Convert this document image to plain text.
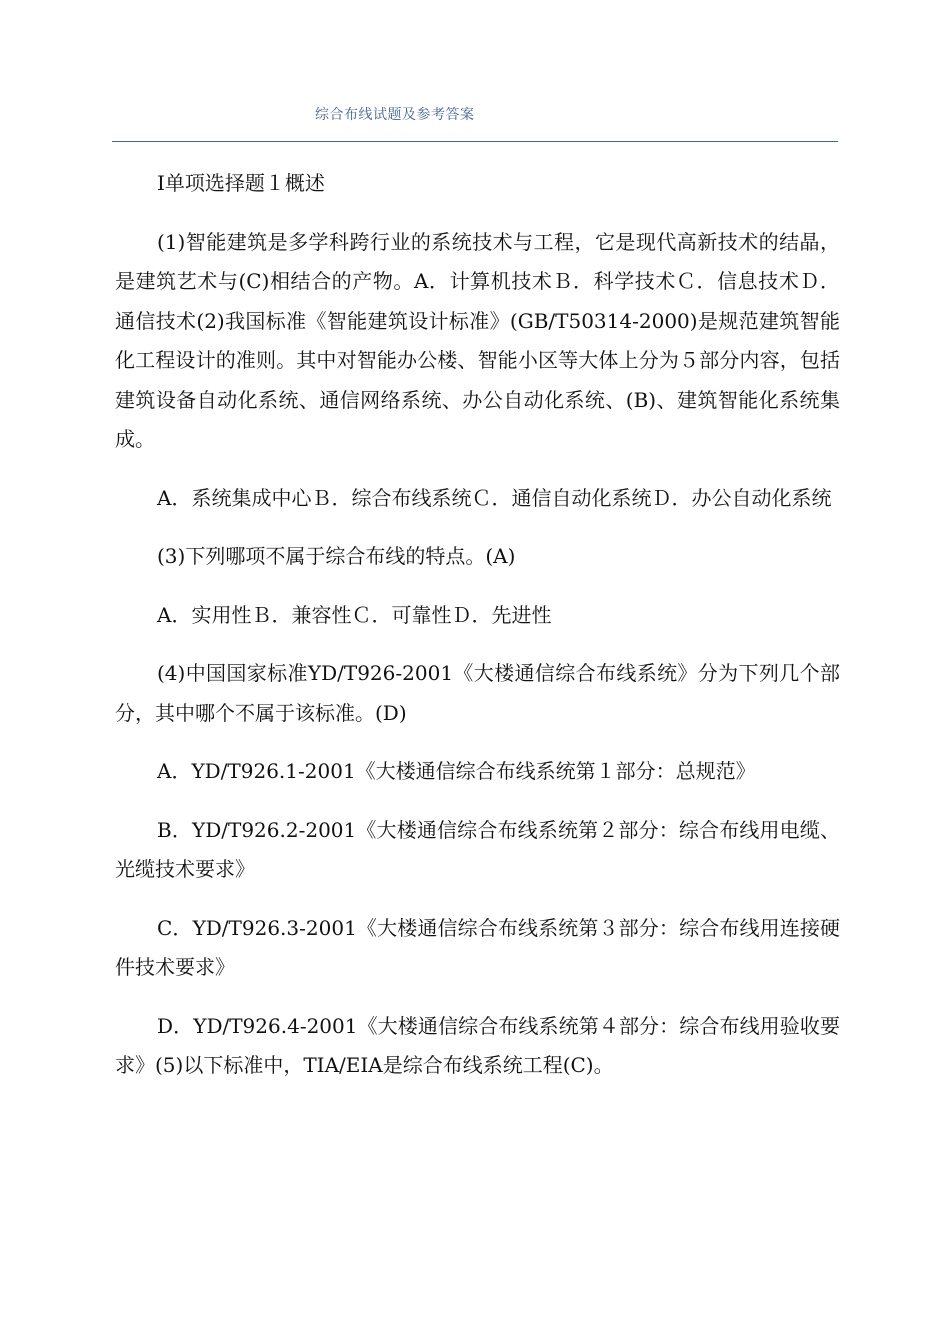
综合布线试题及参考答案

Ⅰ单项选择题１概述

(1)智能建筑是多学科跨行业的系统技术与工程，它是现代高新技术的结晶，是建筑艺术与(C)相结合的产物。A．计算机技术Ｂ．科学技术Ｃ．信息技术Ｄ．通信技术(2)我国标准《智能建筑设计标准》(GB/T50314-2000)是规范建筑智能化工程设计的准则。其中对智能办公楼、智能小区等大体上分为５部分内容，包括建筑设备自动化系统、通信网络系统、办公自动化系统、(B)、建筑智能化系统集成。

A．系统集成中心Ｂ．综合布线系统Ｃ．通信自动化系统Ｄ．办公自动化系统

(3)下列哪项不属于综合布线的特点。(A)

A．实用性Ｂ．兼容性Ｃ．可靠性Ｄ．先进性

(4)中国国家标准YD/T926-2001《大楼通信综合布线系统》分为下列几个部分，其中哪个不属于该标准。(D)

A．YD/T926.1-2001《大楼通信综合布线系统第１部分：总规范》

B．YD/T926.2-2001《大楼通信综合布线系统第２部分：综合布线用电缆、光缆技术要求》

C．YD/T926.3-2001《大楼通信综合布线系统第３部分：综合布线用连接硬件技术要求》

D．YD/T926.4-2001《大楼通信综合布线系统第４部分：综合布线用验收要求》(5)以下标准中，TIA/EIA是综合布线系统工程(C)。
